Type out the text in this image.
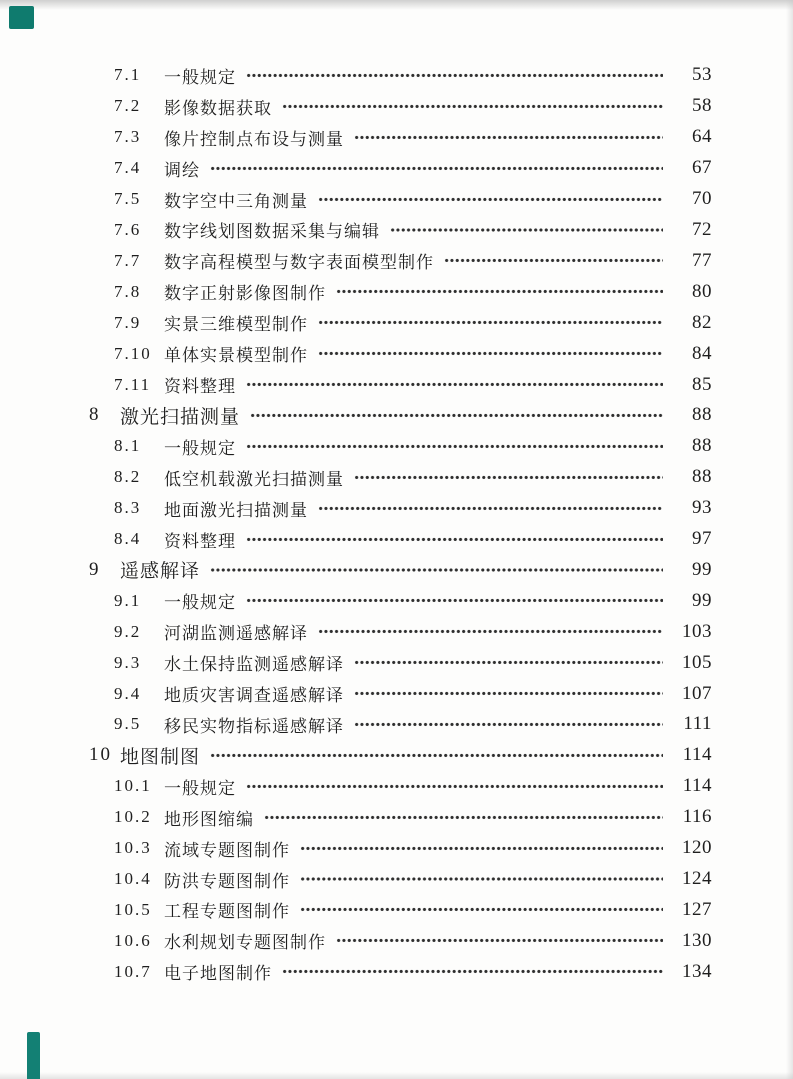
7.1	一般规定	53
7.2	影像数据获取	58
7.3	像片控制点布设与测量	64
7.4	调绘	67
7.5	数字空中三角测量	70
7.6	数字线划图数据采集与编辑	72
7.7	数字高程模型与数字表面模型制作	77
7.8	数字正射影像图制作	80
7.9	实景三维模型制作	82
7.10 单体实景模型制作	84
7.11 资料整理	85
8	激光扫描测量	88
8.1	一般规定	88
8.2	低空机载激光扫描测量	88
8.3	地面激光扫描测量	93
8.4	资料整理	97
9	遥感解译	99
9.1	一般规定	99
9.2	河湖监测遥感解译	103
9.3	水土保持监测遥感解译	105
9.4	地质灾害调查遥感解译	107
9.5	移民实物指标遥感解译	111
10 地图制图	114
10.1 一般规定	114
10.2 地形图缩编	116
10.3 流域专题图制作	120
10.4 防洪专题图制作	124
10.5 工程专题图制作	127
10.6 水利规划专题图制作	130
10.7 电子地图制作	134
